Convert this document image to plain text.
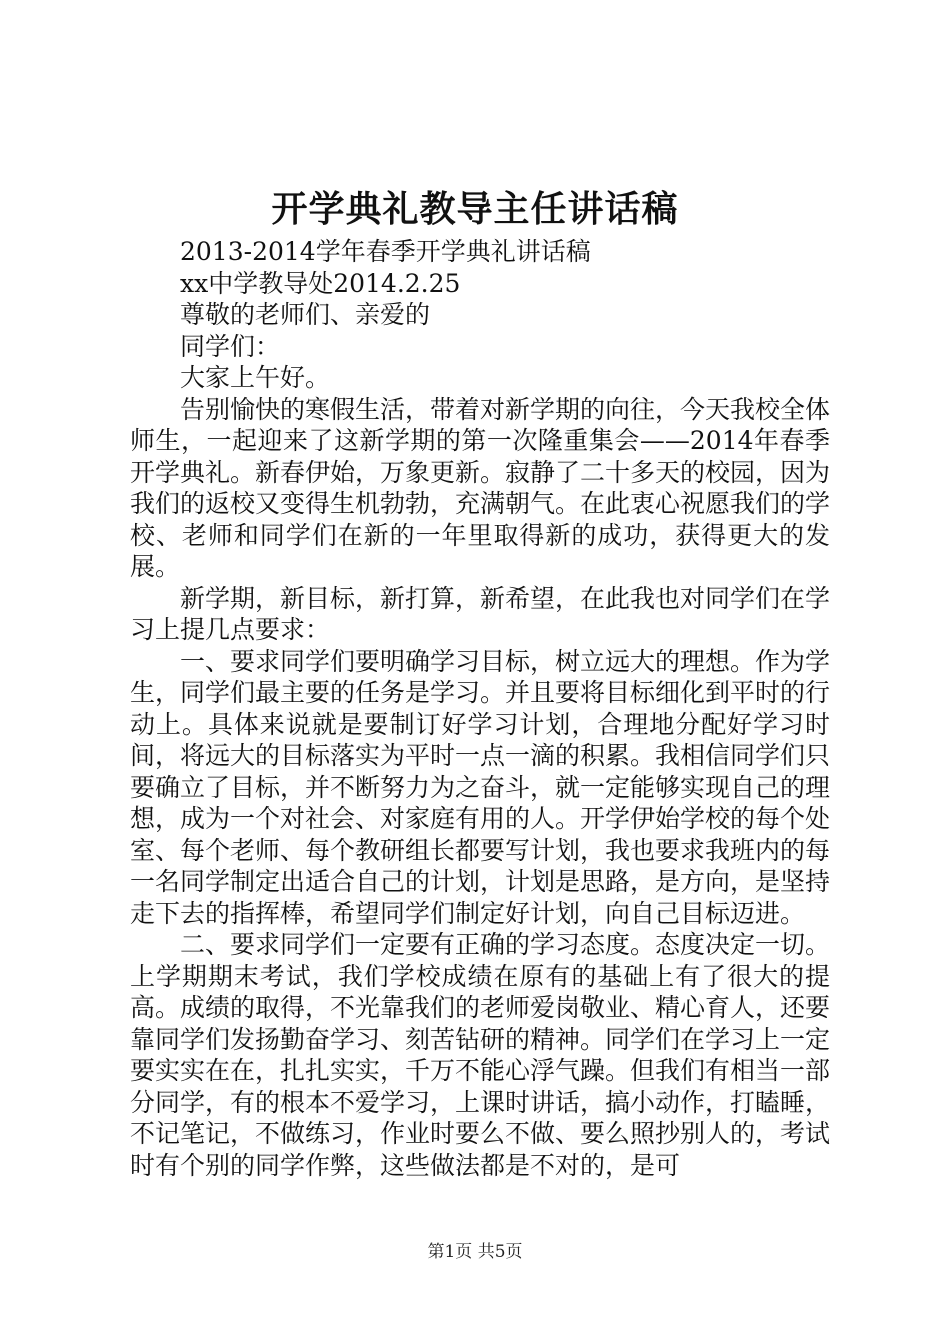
开学典礼教导主任讲话稿

2013-2014学年春季开学典礼讲话稿

xx中学教导处2014.2.25

尊敬的老师们、亲爱的

同学们：

大家上午好。

告别愉快的寒假生活，带着对新学期的向往，今天我校全体师生，一起迎来了这新学期的第一次隆重集会——2014年春季开学典礼。新春伊始，万象更新。寂静了二十多天的校园，因为我们的返校又变得生机勃勃，充满朝气。在此衷心祝愿我们的学校、老师和同学们在新的一年里取得新的成功，获得更大的发展。

新学期，新目标，新打算，新希望，在此我也对同学们在学习上提几点要求：

一、要求同学们要明确学习目标，树立远大的理想。作为学生，同学们最主要的任务是学习。并且要将目标细化到平时的行动上。具体来说就是要制订好学习计划，合理地分配好学习时间，将远大的目标落实为平时一点一滴的积累。我相信同学们只要确立了目标，并不断努力为之奋斗，就一定能够实现自己的理想，成为一个对社会、对家庭有用的人。开学伊始学校的每个处室、每个老师、每个教研组长都要写计划，我也要求我班内的每一名同学制定出适合自己的计划，计划是思路，是方向，是坚持走下去的指挥棒，希望同学们制定好计划，向自己目标迈进。

二、要求同学们一定要有正确的学习态度。态度决定一切。上学期期末考试，我们学校成绩在原有的基础上有了很大的提高。成绩的取得，不光靠我们的老师爱岗敬业、精心育人，还要靠同学们发扬勤奋学习、刻苦钻研的精神。同学们在学习上一定要实实在在，扎扎实实，千万不能心浮气躁。但我们有相当一部分同学，有的根本不爱学习，上课时讲话，搞小动作，打瞌睡，不记笔记，不做练习，作业时要么不做、要么照抄别人的，考试时有个别的同学作弊，这些做法都是不对的，是可

第1页 共5页
